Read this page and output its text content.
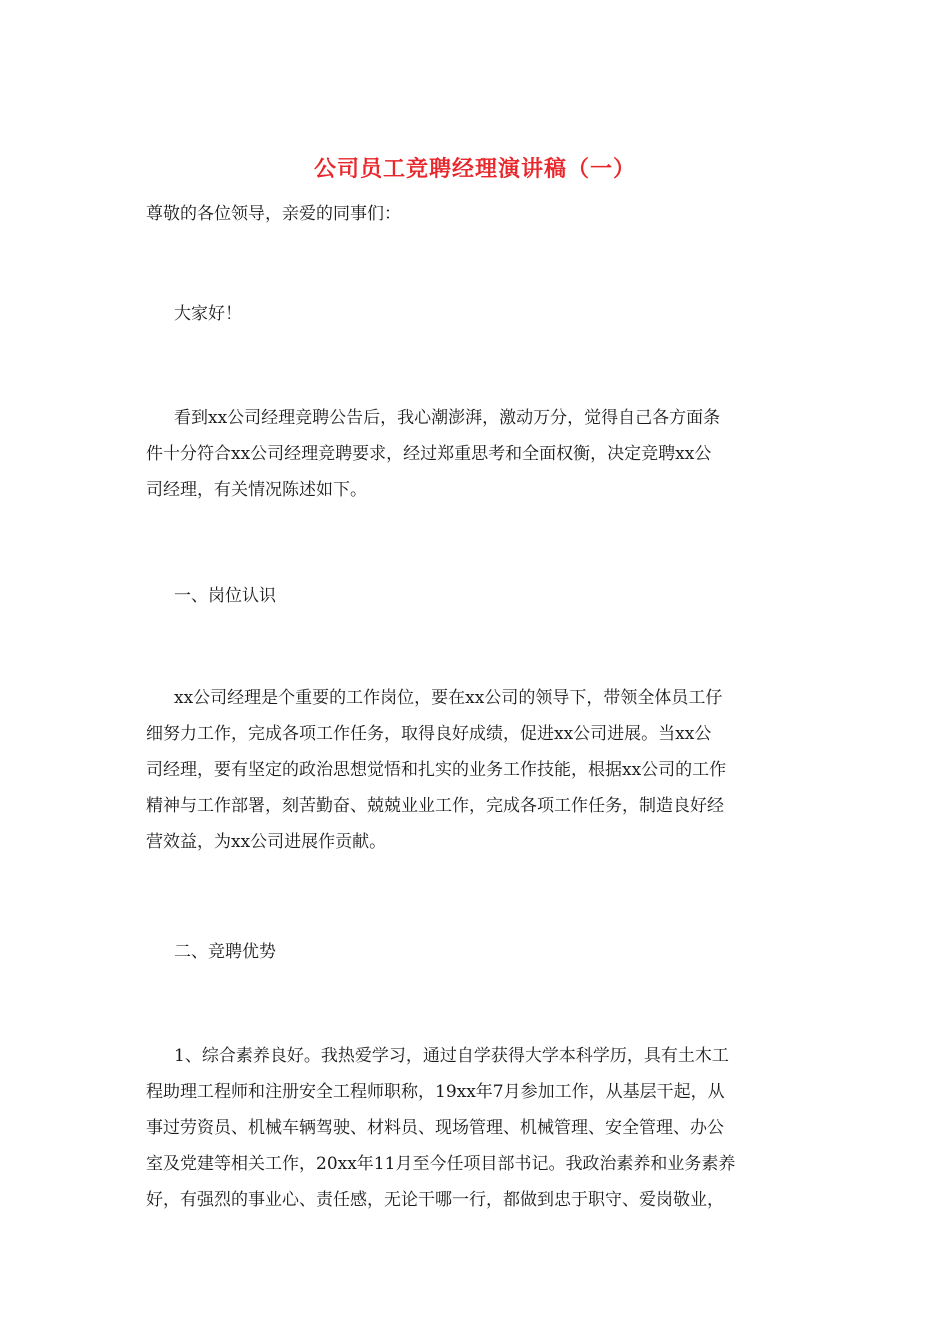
公司员工竞聘经理演讲稿（一）

尊敬的各位领导，亲爱的同事们：

大家好！

看到xx公司经理竞聘公告后，我心潮澎湃，激动万分，觉得自己各方面条
件十分符合xx公司经理竞聘要求，经过郑重思考和全面权衡，决定竞聘xx公
司经理，有关情况陈述如下。

一、岗位认识

xx公司经理是个重要的工作岗位，要在xx公司的领导下，带领全体员工仔
细努力工作，完成各项工作任务，取得良好成绩，促进xx公司进展。当xx公
司经理，要有坚定的政治思想觉悟和扎实的业务工作技能，根据xx公司的工作
精神与工作部署，刻苦勤奋、兢兢业业工作，完成各项工作任务，制造良好经
营效益，为xx公司进展作贡献。

二、竞聘优势

1、综合素养良好。我热爱学习，通过自学获得大学本科学历，具有土木工
程助理工程师和注册安全工程师职称，19xx年7月参加工作，从基层干起，从
事过劳资员、机械车辆驾驶、材料员、现场管理、机械管理、安全管理、办公
室及党建等相关工作，20xx年11月至今任项目部书记。我政治素养和业务素养
好，有强烈的事业心、责任感，无论干哪一行，都做到忠于职守、爱岗敬业，
